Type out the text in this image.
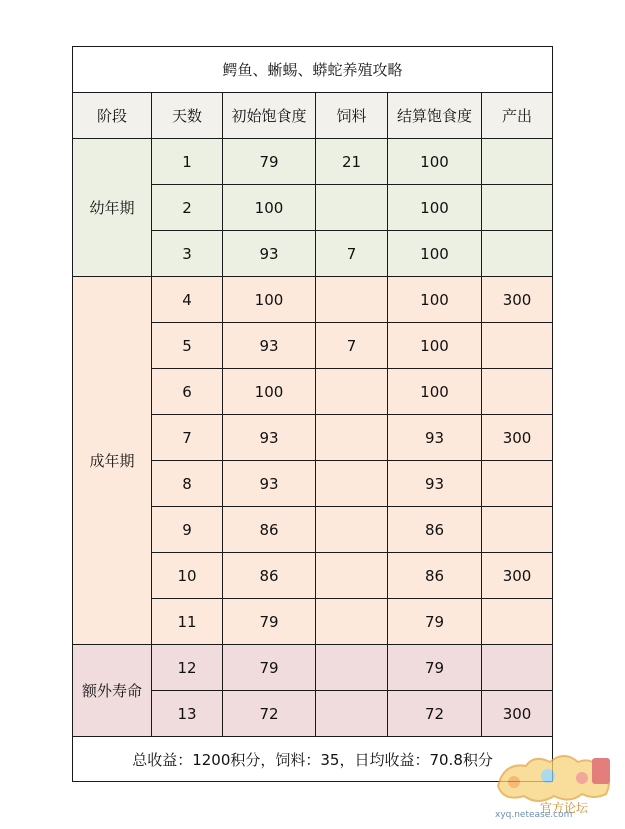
鳄鱼、蜥蜴、蟒蛇养殖攻略					
阶段	天数	初始饱食度	饲料	结算饱食度	产出
幼年期	1	79	21	100	
	2	100		100	
	3	93	7	100	
成年期	4	100		100	300
	5	93	7	100	
	6	100		100	
	7	93		93	300
	8	93		93	
	9	86		86	
	10	86		86	300
	11	79		79	
额外寿命	12	79		79	
	13	72		72	300
总收益：1200积分，饲料：35，日均收益：70.8积分					
官方论坛
xyq.netease.com
